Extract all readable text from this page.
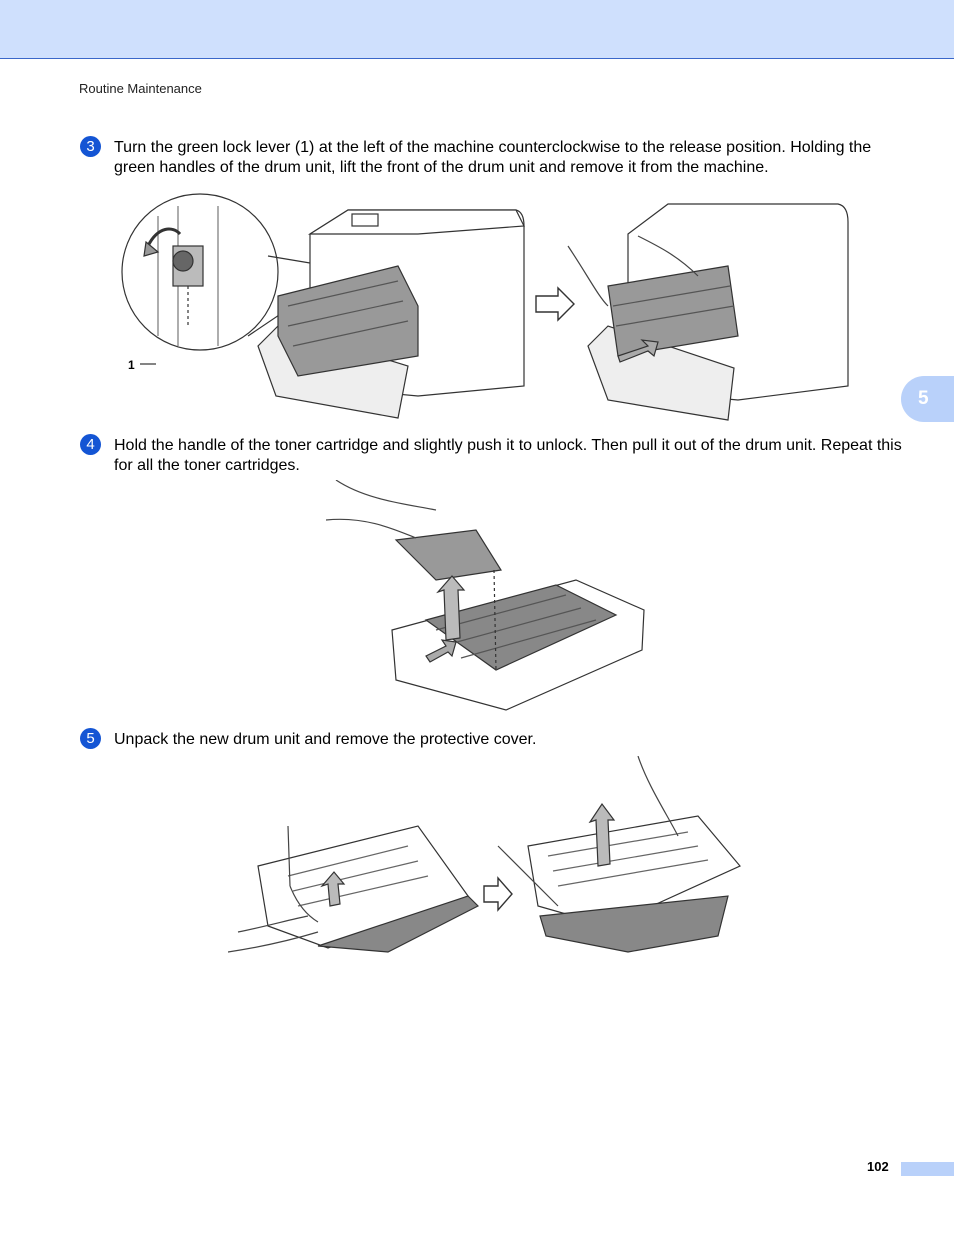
Routine Maintenance
3	Turn the green lock lever (1) at the left of the machine counterclockwise to the release position. Holding the green handles of the drum unit, lift the front of the drum unit and remove it from the machine.
1
5
4	Hold the handle of the toner cartridge and slightly push it to unlock. Then pull it out of the drum unit. Repeat this for all the toner cartridges.
5	Unpack the new drum unit and remove the protective cover.
102
